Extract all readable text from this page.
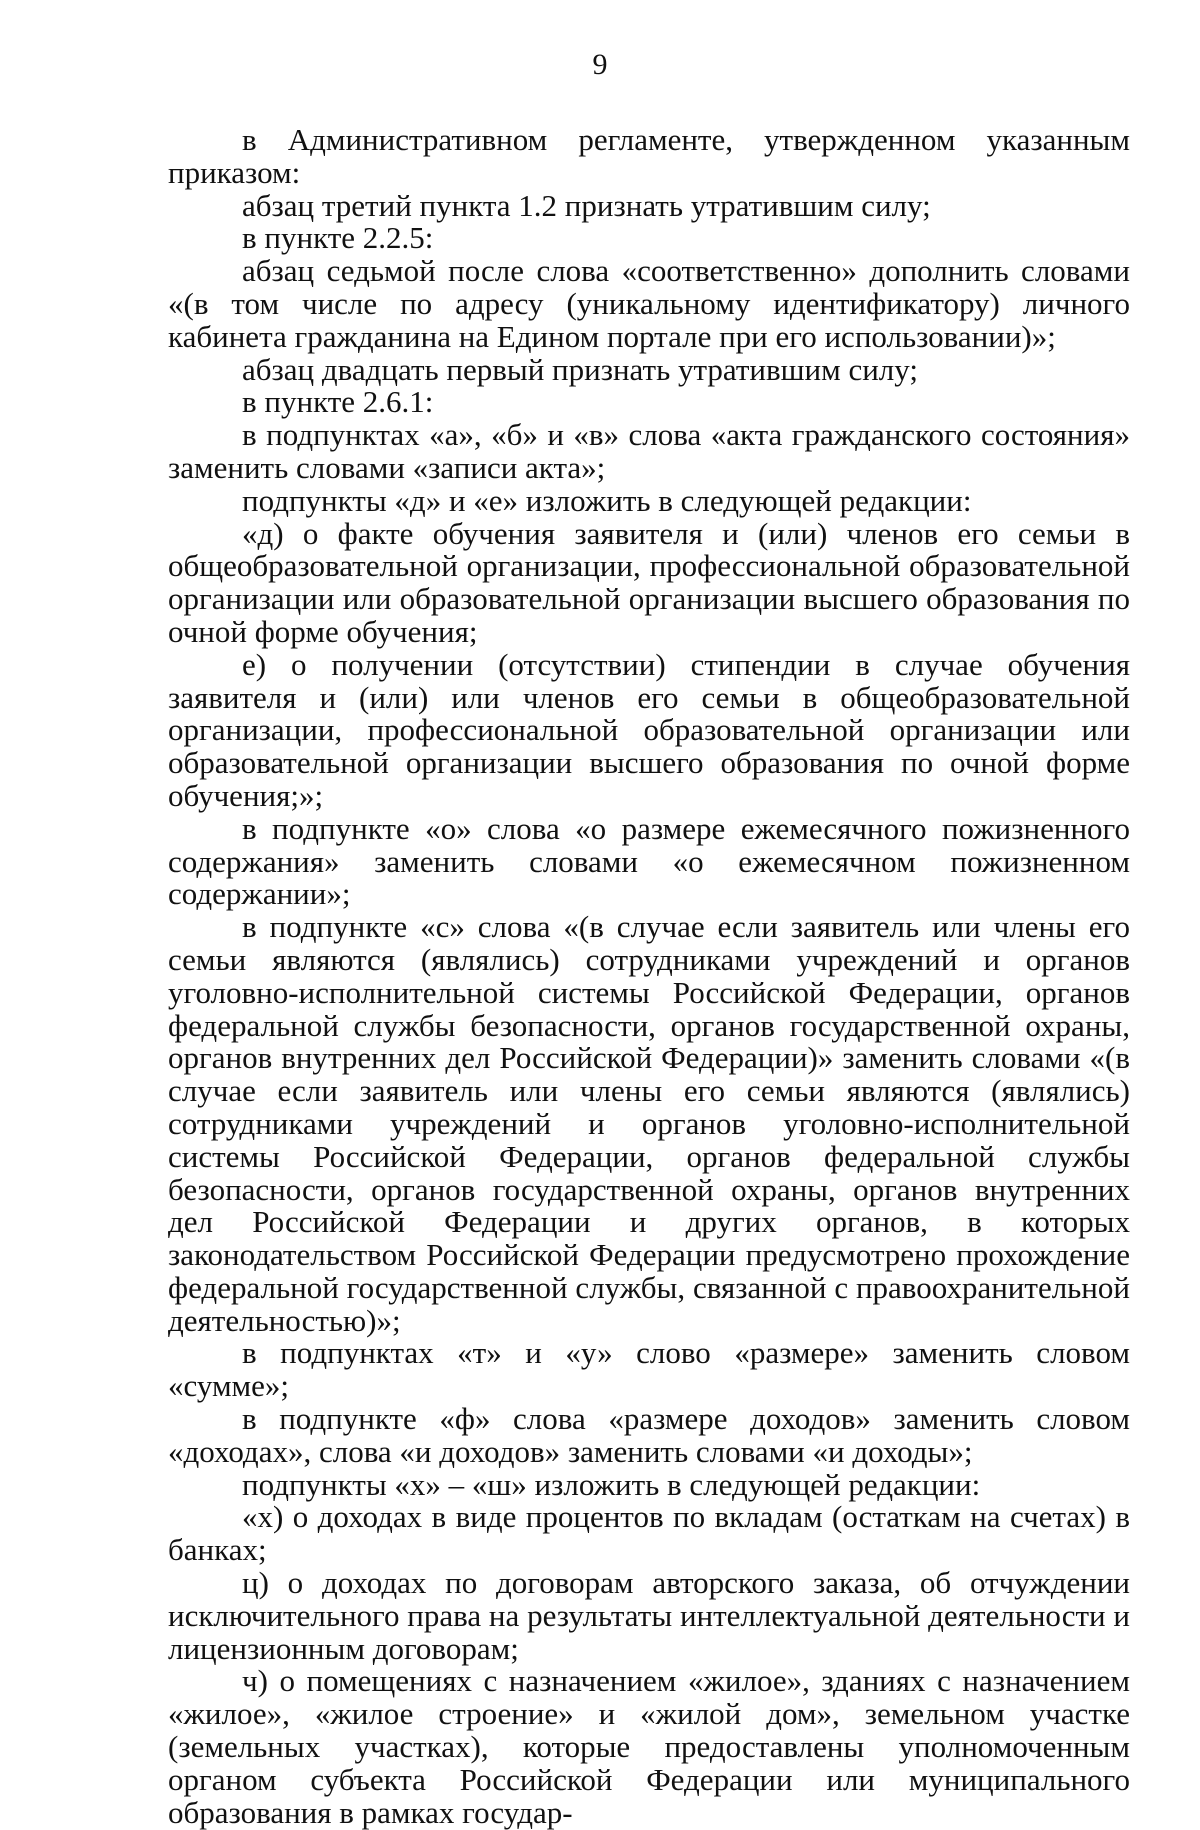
9

в Административном регламенте, утвержденном указанным приказом:

абзац третий пункта 1.2 признать утратившим силу;

в пункте 2.2.5:

абзац седьмой после слова «соответственно» дополнить словами «(в том числе по адресу (уникальному идентификатору) личного кабинета гражданина на Едином портале при его использовании)»;

абзац двадцать первый признать утратившим силу;

в пункте 2.6.1:

в подпунктах «а», «б» и «в» слова «акта гражданского состояния» заменить словами «записи акта»;

подпункты «д» и «е» изложить в следующей редакции:

«д) о факте обучения заявителя и (или) членов его семьи в общеобразовательной организации, профессиональной образовательной организации или образовательной организации высшего образования по очной форме обучения;

е) о получении (отсутствии) стипендии в случае обучения заявителя и (или) или членов его семьи в общеобразовательной организации, профессиональной образовательной организации или образовательной организации высшего образования по очной форме обучения;»;

в подпункте «о» слова «о размере ежемесячного пожизненного содержания» заменить словами «о ежемесячном пожизненном содержании»;

в подпункте «с» слова «(в случае если заявитель или члены его семьи являются (являлись) сотрудниками учреждений и органов уголовно-исполнительной системы Российской Федерации, органов федеральной службы безопасности, органов государственной охраны, органов внутренних дел Российской Федерации)» заменить словами «(в случае если заявитель или члены его семьи являются (являлись) сотрудниками учреждений и органов уголовно-исполнительной системы Российской Федерации, органов федеральной службы безопасности, органов государственной охраны, органов внутренних дел Российской Федерации и других органов, в которых законодательством Российской Федерации предусмотрено прохождение федеральной государственной службы, связанной с правоохранительной деятельностью)»;

в подпунктах «т» и «у» слово «размере» заменить словом «сумме»;

в подпункте «ф» слова «размере доходов» заменить словом «доходах», слова «и доходов» заменить словами «и доходы»;

подпункты «х» – «ш» изложить в следующей редакции:

«х) о доходах в виде процентов по вкладам (остаткам на счетах) в банках;

ц) о доходах по договорам авторского заказа, об отчуждении исключительного права на результаты интеллектуальной деятельности и лицензионным договорам;

ч) о помещениях с назначением «жилое», зданиях с назначением «жилое», «жилое строение» и «жилой дом», земельном участке (земельных участках), которые предоставлены уполномоченным органом субъекта Российской Федерации или муниципального образования в рамках государ-
